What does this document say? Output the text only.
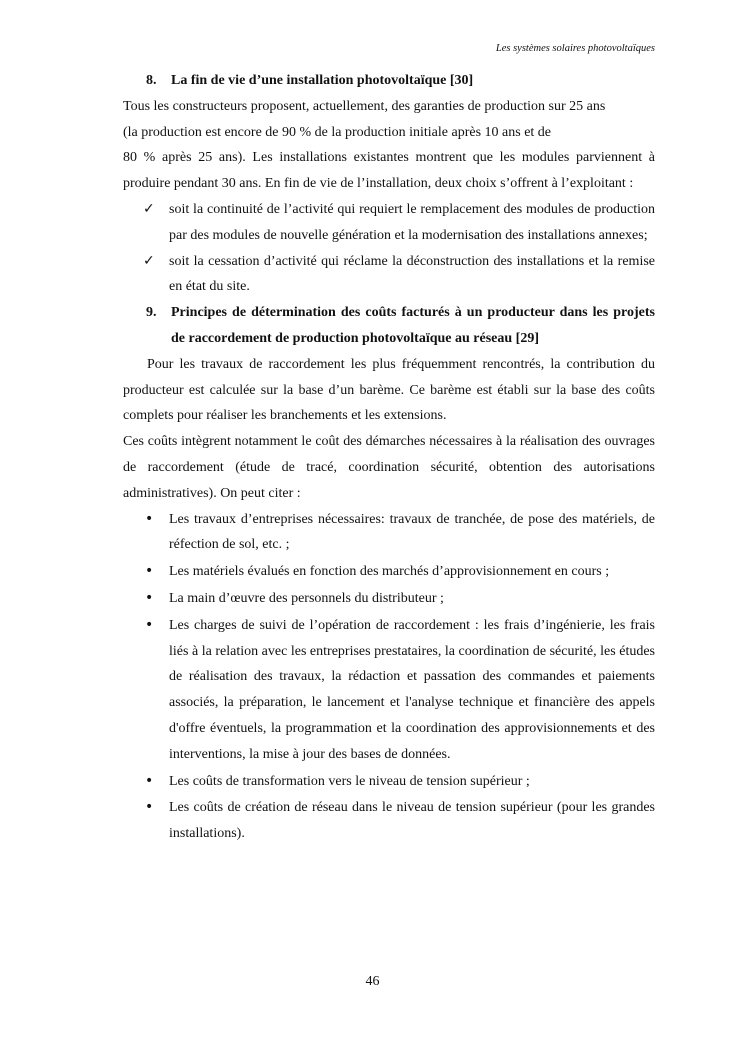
Les systèmes solaires photovoltaïques

8. La fin de vie d’une installation photovoltaïque [30]

Tous les constructeurs proposent, actuellement, des garanties de production sur 25 ans

(la production est encore de 90 % de la production initiale après 10 ans et de

80 % après 25 ans). Les installations existantes montrent que les modules parviennent à produire pendant 30 ans. En fin de vie de l’installation, deux choix s’offrent à l’exploitant :

✓	soit la continuité de l’activité qui requiert le remplacement des modules de production par des modules de nouvelle génération et la modernisation des installations annexes;
✓	soit la cessation d’activité qui réclame la déconstruction des installations et la remise en état du site.

9. Principes de détermination des coûts facturés à un producteur dans les projets de raccordement de production photovoltaïque au réseau [29]

Pour les travaux de raccordement les plus fréquemment rencontrés, la contribution du producteur est calculée sur la base d’un barème. Ce barème est établi sur la base des coûts complets pour réaliser les branchements et les extensions.

Ces coûts intègrent notamment le coût des démarches nécessaires à la réalisation des ouvrages de raccordement (étude de tracé, coordination sécurité, obtention des autorisations administratives). On peut citer :

•	Les travaux d’entreprises nécessaires: travaux de tranchée, de pose des matériels, de réfection de sol, etc. ;
•	Les matériels évalués en fonction des marchés d’approvisionnement en cours ;
•	La main d’œuvre des personnels du distributeur ;
•	Les charges de suivi de l’opération de raccordement : les frais d’ingénierie, les frais liés à la relation avec les entreprises prestataires, la coordination de sécurité, les études de réalisation des travaux, la rédaction et passation des commandes et paiements associés, la préparation, le lancement et l'analyse technique et financière des appels d'offre éventuels, la programmation et la coordination des approvisionnements et des interventions, la mise à jour des bases de données.
•	Les coûts de transformation vers le niveau de tension supérieur ;
•	Les coûts de création de réseau dans le niveau de tension supérieur (pour les grandes installations).
46
